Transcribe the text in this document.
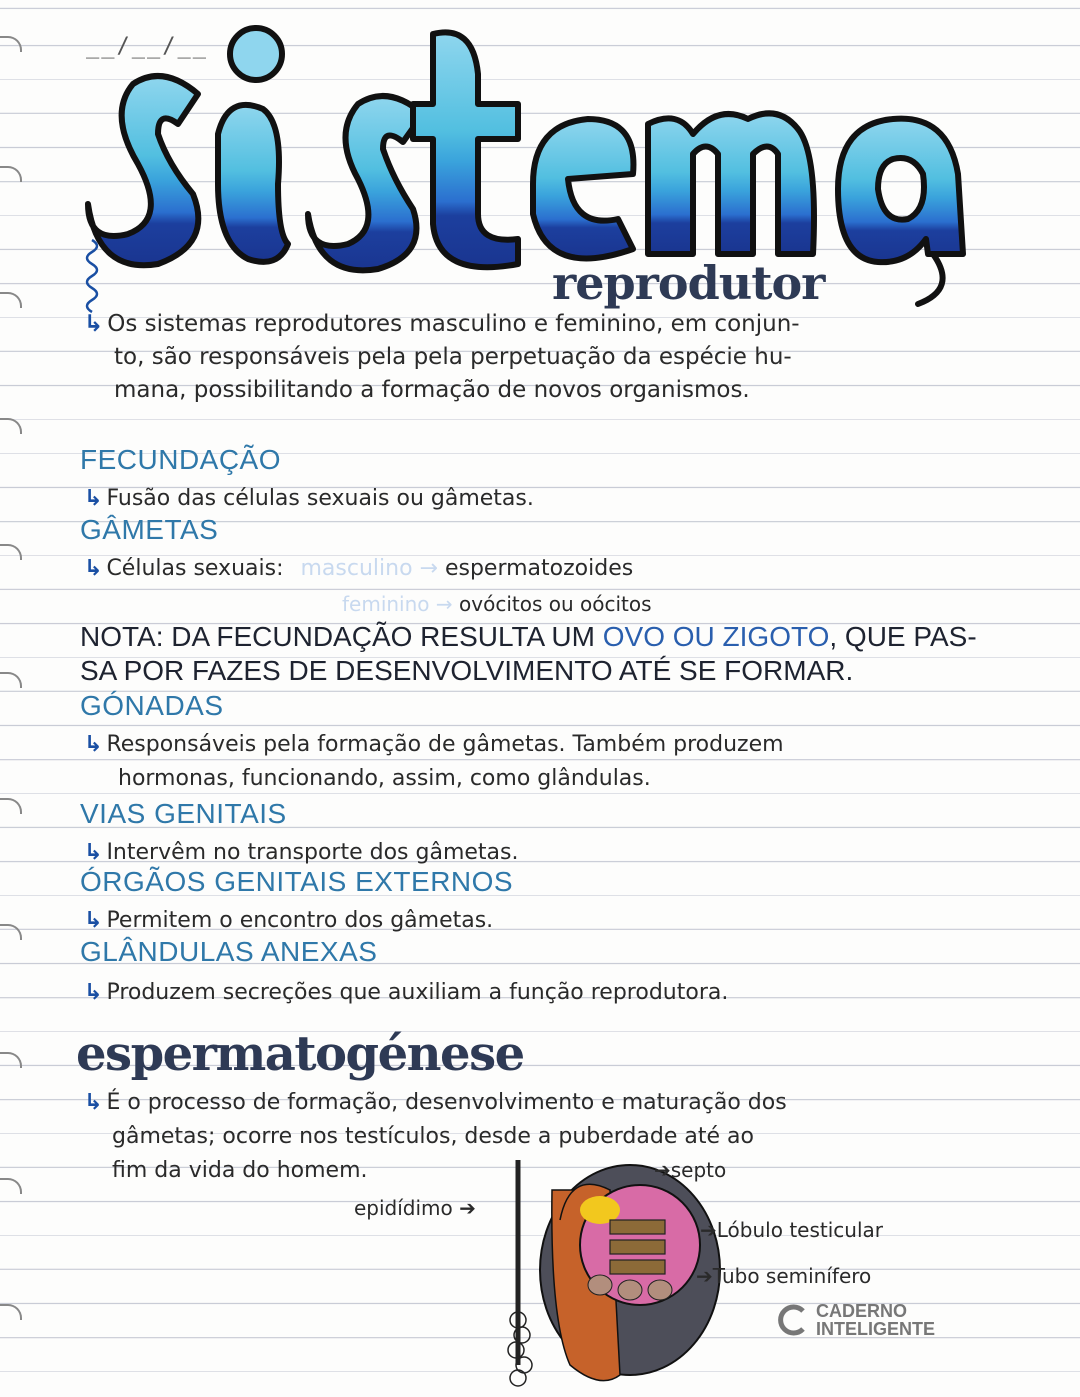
__/__/__
reprodutor
↳ Os sistemas reprodutores masculino e feminino, em conjun-
to, são responsáveis pela pela perpetuação da espécie hu-
mana, possibilitando a formação de novos organismos.
FECUNDAÇÃO
↳ Fusão das células sexuais ou gâmetas.
GÂMETAS
↳ Células sexuais: masculino → espermatozoides
feminino → ovócitos ou oócitos
NOTA: DA FECUNDAÇÃO RESULTA UM OVO OU ZIGOTO, QUE PAS-
SA POR FAZES DE DESENVOLVIMENTO ATÉ SE FORMAR.
GÓNADAS
↳ Responsáveis pela formação de gâmetas. Também produzem
hormonas, funcionando, assim, como glândulas.
VIAS GENITAIS
↳ Intervêm no transporte dos gâmetas.
ÓRGÃOS GENITAIS EXTERNOS
↳ Permitem o encontro dos gâmetas.
GLÂNDULAS ANEXAS
↳ Produzem secreções que auxiliam a função reprodutora.
espermatogénese
↳ É o processo de formação, desenvolvimento e maturação dos
gâmetas; ocorre nos testículos, desde a puberdade até ao
fim da vida do homem.	➔septo
epidídimo ➔
➔Lóbulo testicular
➔Tubo seminífero
CADERNO
INTELIGENTE
